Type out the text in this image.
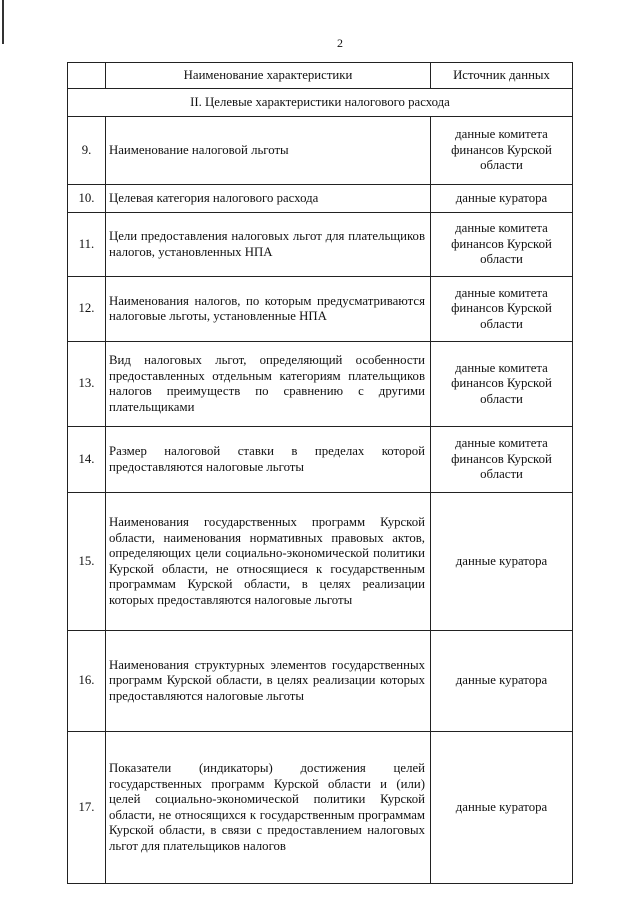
2
	Наименование характеристики	Источник данных
II. Целевые характеристики налогового расхода		
9.	Наименование налоговой льготы	данные комитета финансов Курской области
10.	Целевая категория налогового расхода	данные куратора
11.	Цели предоставления налоговых льгот для плательщиков налогов, установленных НПА	данные комитета финансов Курской области
12.	Наименования налогов, по которым предусматриваются налоговые льготы, установленные НПА	данные комитета финансов Курской области
13.	Вид налоговых льгот, определяющий особенности предоставленных отдельным категориям плательщиков налогов преимуществ по сравнению с другими плательщиками	данные комитета финансов Курской области
14.	Размер налоговой ставки в пределах которой предоставляются налоговые льготы	данные комитета финансов Курской области
15.	Наименования государственных программ Курской области, наименования нормативных правовых актов, определяющих цели социально-экономической политики Курской области, не относящиеся к государственным программам Курской области, в целях реализации которых предоставляются налоговые льготы	данные куратора
16.	Наименования структурных элементов государственных программ Курской области, в целях реализации которых предоставляются налоговые льготы	данные куратора
17.	Показатели (индикаторы) достижения целей государственных программ Курской области и (или) целей социально-экономической политики Курской области, не относящихся к государственным программам Курской области, в связи с предоставлением налоговых льгот для плательщиков налогов	данные куратора
